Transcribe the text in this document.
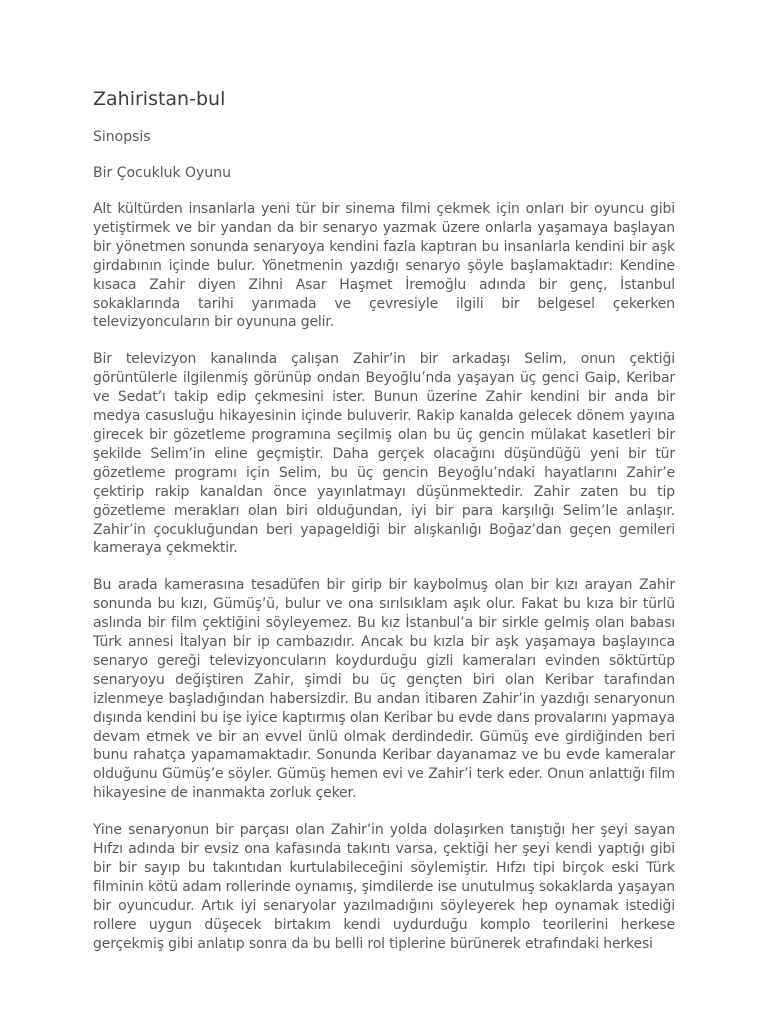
Zahiristan-bul

Sinopsis

Bir Çocukluk Oyunu

Alt kültürden insanlarla yeni tür bir sinema filmi çekmek için onları bir oyuncu gibi yetiştirmek ve bir yandan da bir senaryo yazmak üzere onlarla yaşamaya başlayan bir yönetmen sonunda senaryoya kendini fazla kaptıran bu insanlarla kendini bir aşk girdabının içinde bulur. Yönetmenin yazdığı senaryo şöyle başlamaktadır: Kendine kısaca Zahir diyen Zihni Asar Haşmet İremoğlu adında bir genç, İstanbul sokaklarında tarihi yarımada ve çevresiyle ilgili bir belgesel çekerken televizyoncuların bir oyununa gelir.

Bir televizyon kanalında çalışan Zahir’in bir arkadaşı Selim, onun çektiği görüntülerle ilgilenmiş görünüp ondan Beyoğlu’nda yaşayan üç genci Gaip, Keribar ve Sedat’ı takip edip çekmesini ister. Bunun üzerine Zahir kendini bir anda bir medya casusluğu hikayesinin içinde buluverir. Rakip kanalda gelecek dönem yayına girecek bir gözetleme programına seçilmiş olan bu üç gencin mülakat kasetleri bir şekilde Selim’in eline geçmiştir. Daha gerçek olacağını düşündüğü yeni bir tür gözetleme programı için Selim, bu üç gencin Beyoğlu’ndaki hayatlarını Zahir’e çektirip rakip kanaldan önce yayınlatmayı düşünmektedir. Zahir zaten bu tip gözetleme merakları olan biri olduğundan, iyi bir para karşılığı Selim’le anlaşır. Zahir’in çocukluğundan beri yapageldiği bir alışkanlığı Boğaz’dan geçen gemileri kameraya çekmektir.

Bu arada kamerasına tesadüfen bir girip bir kaybolmuş olan bir kızı arayan Zahir sonunda bu kızı, Gümüş’ü, bulur ve ona sırılsıklam aşık olur. Fakat bu kıza bir türlü aslında bir film çektiğini söyleyemez. Bu kız İstanbul’a bir sirkle gelmiş olan babası Türk annesi İtalyan bir ip cambazıdır. Ancak bu kızla bir aşk yaşamaya başlayınca senaryo gereği televizyoncuların koydurduğu gizli kameraları evinden söktürtüp senaryoyu değiştiren Zahir, şimdi bu üç gençten biri olan Keribar tarafından izlenmeye başladığından habersizdir. Bu andan itibaren Zahir’in yazdığı senaryonun dışında kendini bu işe iyice kaptırmış olan Keribar bu evde dans provalarını yapmaya devam etmek ve bir an evvel ünlü olmak derdindedir. Gümüş eve girdiğinden beri bunu rahatça yapamamaktadır. Sonunda Keribar dayanamaz ve bu evde kameralar olduğunu Gümüş’e söyler. Gümüş hemen evi ve Zahir’i terk eder. Onun anlattığı film hikayesine de inanmakta zorluk çeker.

Yine senaryonun bir parçası olan Zahir’in yolda dolaşırken tanıştığı her şeyi sayan Hıfzı adında bir evsiz ona kafasında takıntı varsa, çektiği her şeyi kendi yaptığı gibi bir bir sayıp bu takıntıdan kurtulabileceğini söylemiştir. Hıfzı tipi birçok eski Türk filminin kötü adam rollerinde oynamış, şimdilerde ise unutulmuş sokaklarda yaşayan bir oyuncudur. Artık iyi senaryolar yazılmadığını söyleyerek hep oynamak istediği rollere uygun düşecek birtakım kendi uydurduğu komplo teorilerini herkese gerçekmiş gibi anlatıp sonra da bu belli rol tiplerine bürünerek etrafındaki herkesi
